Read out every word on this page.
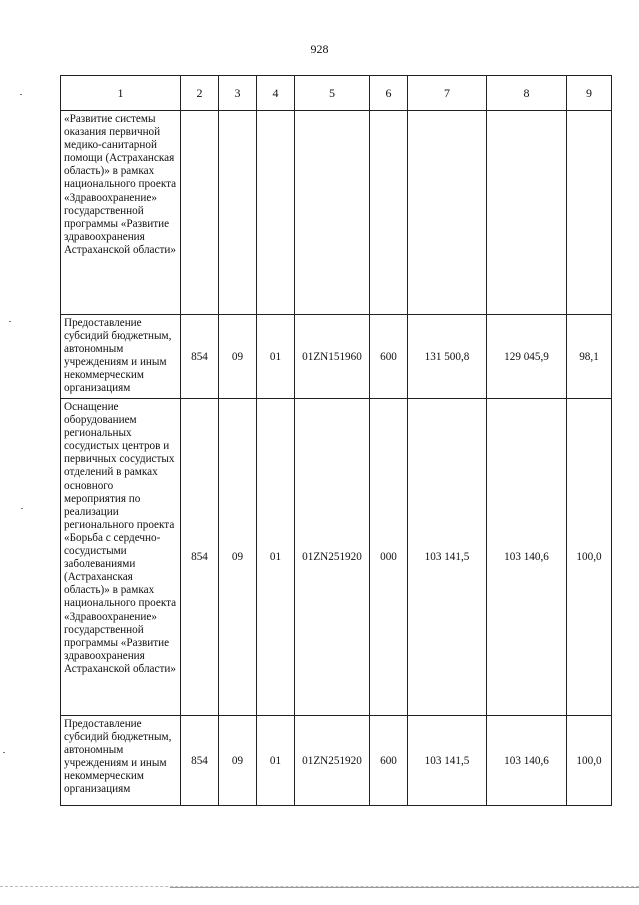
928
1	2	3	4	5	6	7	8	9
«Развитие системы оказания первичной медико-санитарной помощи (Астраханская область)» в рамках национального проекта «Здравоохранение» государственной программы «Развитие здравоохранения Астраханской области»								
Предоставление субсидий бюджетным, автономным учреждениям и иным некоммерческим организациям	854	09	01	01ZN151960	600	131 500,8	129 045,9	98,1
Оснащение оборудованием региональных сосудистых центров и первичных сосудистых отделений в рамках основного мероприятия по реализации регионального проекта «Борьба с сердечно-сосудистыми заболеваниями (Астраханская область)» в рамках национального проекта «Здравоохранение» государственной программы «Развитие здравоохранения Астраханской области»	854	09	01	01ZN251920	000	103 141,5	103 140,6	100,0
Предоставление субсидий бюджетным, автономным учреждениям и иным некоммерческим организациям	854	09	01	01ZN251920	600	103 141,5	103 140,6	100,0
